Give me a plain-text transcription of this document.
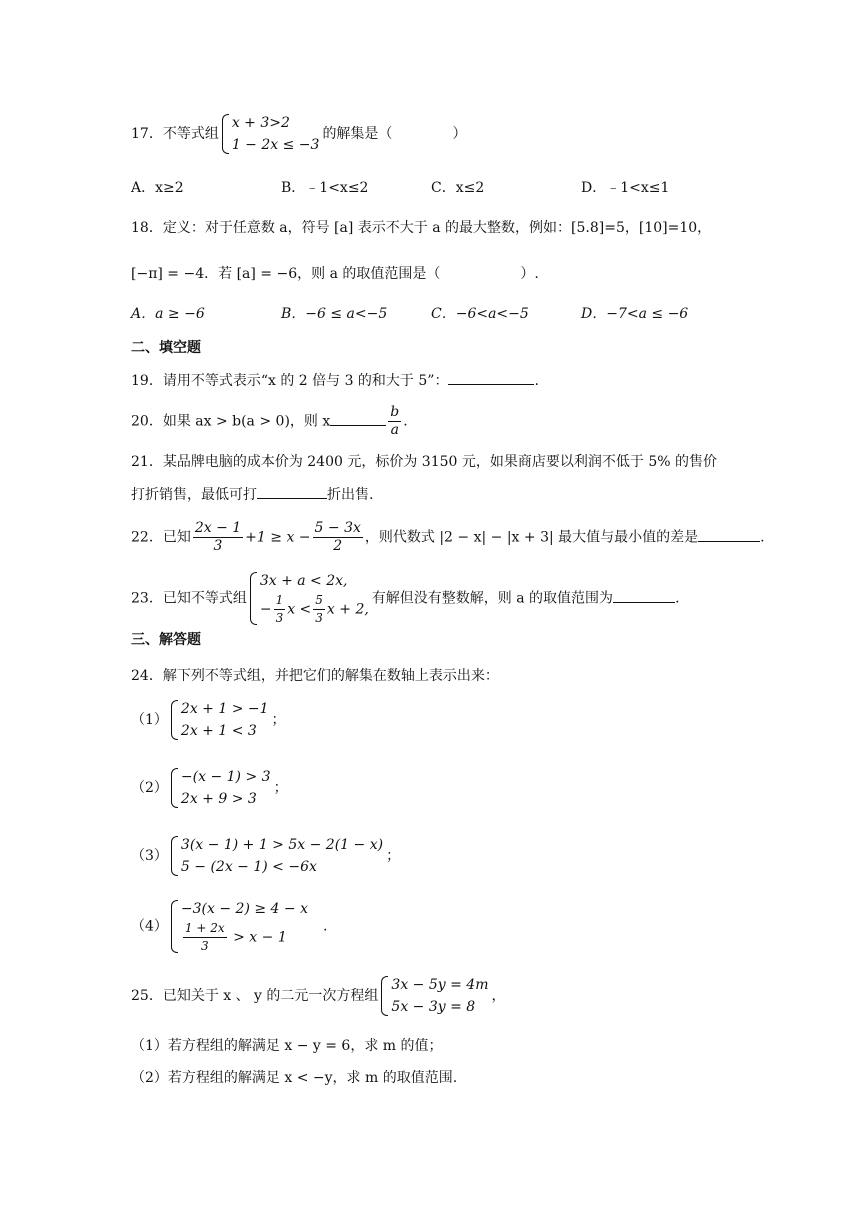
17．不等式组
x + 3>2
1 − 2x ≤ −3
的解集是（	）
A．x≥2	B．﹣1<x≤2	C．x≤2	D．﹣1<x≤1
18．定义：对于任意数 a，符号 [a] 表示不大于 a 的最大整数，例如：[5.8]=5，[10]=10，
[−π] = −4．若 [a] = −6，则 a 的取值范围是（	）.
A．a ≥ −6	B．−6 ≤ a<−5	C．−6<a<−5	D．−7<a ≤ −6
二、填空题
19．请用不等式表示“x 的 2 倍与 3 的和大于 5”：	.
20．如果 ax > b(a > 0)，则 x	$\frac{b}{a}$ .
21．某品牌电脑的成本价为 2400 元，标价为 3150 元，如果商店要以利润不低于 5% 的售价
打折销售，最低可打	折出售.
22．已知 $\frac{2x - 1}{3} +1 \ge x - \frac{5 - 3x}{2}$ ，则代数式 |2 − x| − |x + 3| 最大值与最小值的差是	.
23．已知不等式组
3x + a < 2x,
− $\frac{1}{3}$ $x < \frac{5}{3}$ x + 2,
有解但没有整数解，则 a 的取值范围为	.
三、解答题
24．解下列不等式组，并把它们的解集在数轴上表示出来：
（1）
2x + 1 > −1
2x + 1 < 3
；
（2）
−(x − 1) > 3
2x + 9 > 3
；
（3）
3(x − 1) + 1 > 5x − 2(1 − x)
5 − (2x − 1) < −6x
；
（4）
−3(x − 2) ≥ 4 − x
$\frac{1 + 2x}{3} > x - 1$
.
25．已知关于 x 、 y 的二元一次方程组
3x − 5y = 4m
5x − 3y = 8
，
（1）若方程组的解满足 x − y = 6，求 m 的值；
（2）若方程组的解满足 x < −y，求 m 的取值范围.
